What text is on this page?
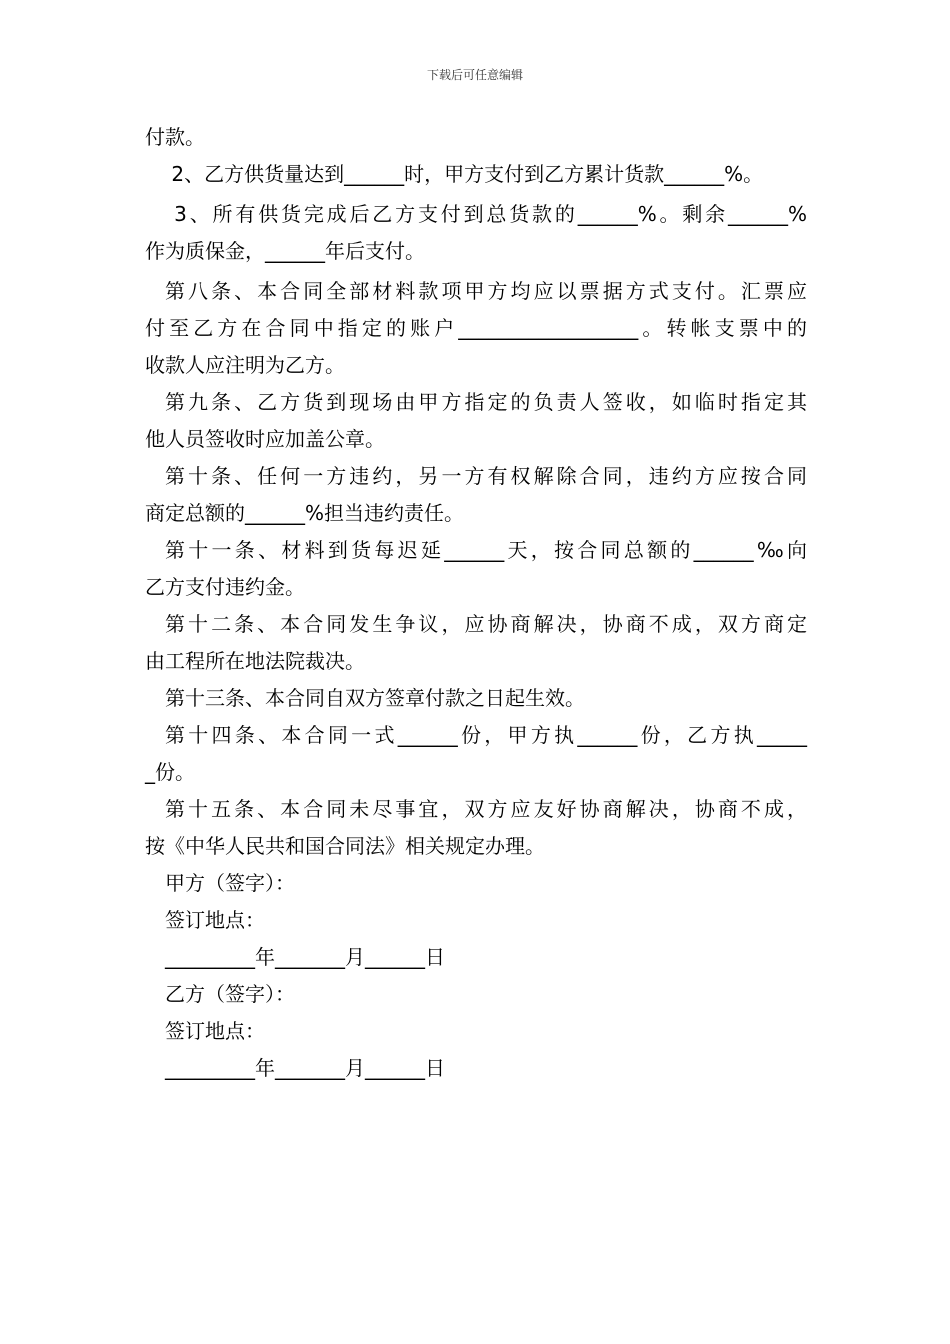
下载后可任意编辑
付款。
2、乙方供货量达到______时，甲方支付到乙方累计货款______%。
3、所有供货完成后乙方支付到总货款的______%。剩余______%
作为质保金，______年后支付。
第八条、本合同全部材料款项甲方均应以票据方式支付。汇票应
付至乙方在合同中指定的账户__________________。转帐支票中的
收款人应注明为乙方。
第九条、乙方货到现场由甲方指定的负责人签收，如临时指定其
他人员签收时应加盖公章。
第十条、任何一方违约，另一方有权解除合同，违约方应按合同
商定总额的______%担当违约责任。
第十一条、材料到货每迟延______天，按合同总额的______‰向
乙方支付违约金。
第十二条、本合同发生争议，应协商解决，协商不成，双方商定
由工程所在地法院裁决。
第十三条、本合同自双方签章付款之日起生效。
第十四条、本合同一式______份，甲方执______份，乙方执_____
_份。
第十五条、本合同未尽事宜，双方应友好协商解决，协商不成，
按《中华人民共和国合同法》相关规定办理。
甲方（签字）：
签订地点：
_________年_______月______日
乙方（签字）：
签订地点：
_________年_______月______日
